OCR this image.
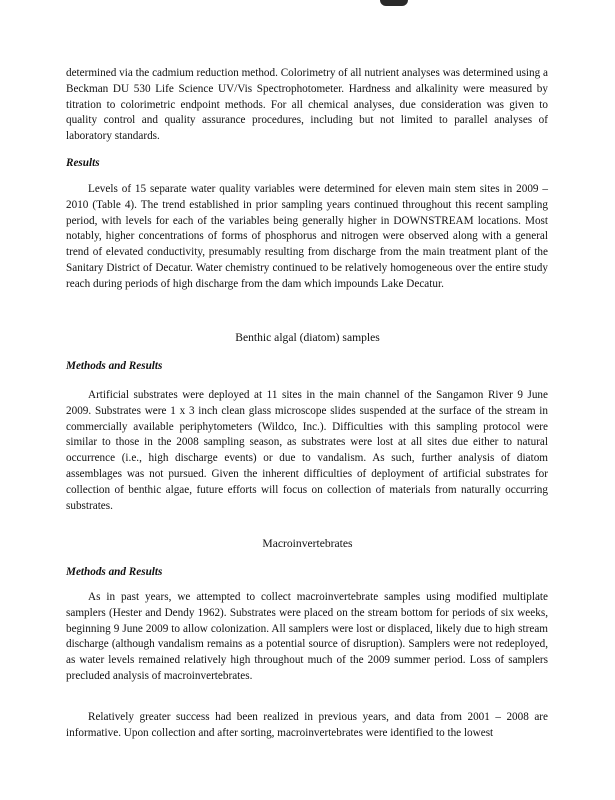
determined via the cadmium reduction method. Colorimetry of all nutrient analyses was determined using a Beckman DU 530 Life Science UV/Vis Spectrophotometer. Hardness and alkalinity were measured by titration to colorimetric endpoint methods. For all chemical analyses, due consideration was given to quality control and quality assurance procedures, including but not limited to parallel analyses of laboratory standards.

Results

Levels of 15 separate water quality variables were determined for eleven main stem sites in 2009 – 2010 (Table 4). The trend established in prior sampling years continued throughout this recent sampling period, with levels for each of the variables being generally higher in DOWNSTREAM locations. Most notably, higher concentrations of forms of phosphorus and nitrogen were observed along with a general trend of elevated conductivity, presumably resulting from discharge from the main treatment plant of the Sanitary District of Decatur. Water chemistry continued to be relatively homogeneous over the entire study reach during periods of high discharge from the dam which impounds Lake Decatur.

Benthic algal (diatom) samples
Methods and Results

Artificial substrates were deployed at 11 sites in the main channel of the Sangamon River 9 June 2009. Substrates were 1 x 3 inch clean glass microscope slides suspended at the surface of the stream in commercially available periphytometers (Wildco, Inc.). Difficulties with this sampling protocol were similar to those in the 2008 sampling season, as substrates were lost at all sites due either to natural occurrence (i.e., high discharge events) or due to vandalism. As such, further analysis of diatom assemblages was not pursued. Given the inherent difficulties of deployment of artificial substrates for collection of benthic algae, future efforts will focus on collection of materials from naturally occurring substrates.

Macroinvertebrates
Methods and Results

As in past years, we attempted to collect macroinvertebrate samples using modified multiplate samplers (Hester and Dendy 1962). Substrates were placed on the stream bottom for periods of six weeks, beginning 9 June 2009 to allow colonization. All samplers were lost or displaced, likely due to high stream discharge (although vandalism remains as a potential source of disruption). Samplers were not redeployed, as water levels remained relatively high throughout much of the 2009 summer period. Loss of samplers precluded analysis of macroinvertebrates.

Relatively greater success had been realized in previous years, and data from 2001 – 2008 are informative. Upon collection and after sorting, macroinvertebrates were identified to the lowest
